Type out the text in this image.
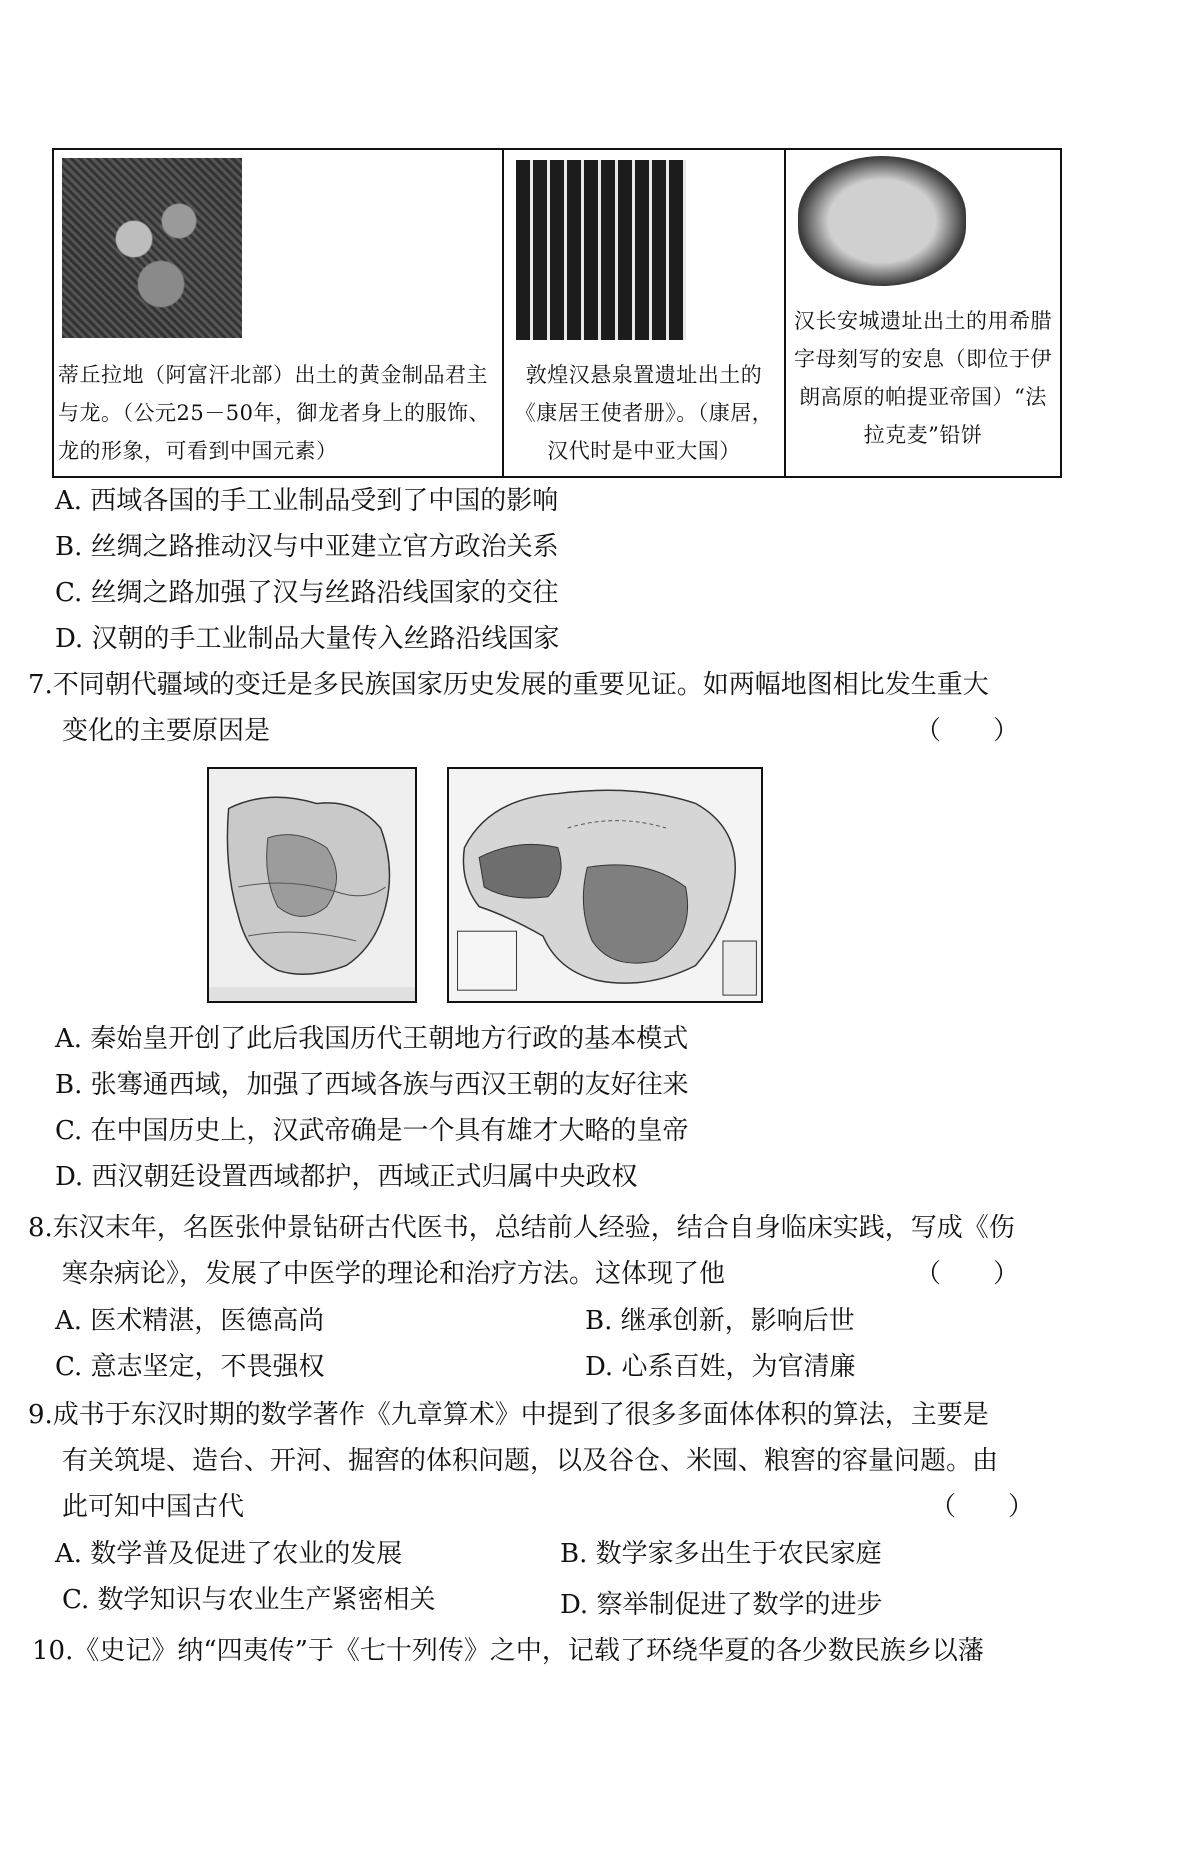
蒂丘拉地（阿富汗北部）出土的黄金制品君主与龙。（公元25－50年，御龙者身上的服饰、龙的形象，可看到中国元素）
敦煌汉悬泉置遗址出土的《康居王使者册》。（康居，汉代时是中亚大国）
汉长安城遗址出土的用希腊字母刻写的安息（即位于伊朗高原的帕提亚帝国）“法拉克麦”铅饼
A. 西域各国的手工业制品受到了中国的影响
B. 丝绸之路推动汉与中亚建立官方政治关系
C. 丝绸之路加强了汉与丝路沿线国家的交往
D. 汉朝的手工业制品大量传入丝路沿线国家
7.不同朝代疆域的变迁是多民族国家历史发展的重要见证。如两幅地图相比发生重大
变化的主要原因是	（　　）
A. 秦始皇开创了此后我国历代王朝地方行政的基本模式
B. 张骞通西域，加强了西域各族与西汉王朝的友好往来
C. 在中国历史上，汉武帝确是一个具有雄才大略的皇帝
D. 西汉朝廷设置西域都护，西域正式归属中央政权
8.东汉末年，名医张仲景钻研古代医书，总结前人经验，结合自身临床实践，写成《伤
寒杂病论》，发展了中医学的理论和治疗方法。这体现了他	（　　）
A. 医术精湛，医德高尚	B. 继承创新，影响后世
C. 意志坚定，不畏强权	D. 心系百姓，为官清廉
9.成书于东汉时期的数学著作《九章算术》中提到了很多多面体体积的算法，主要是
有关筑堤、造台、开河、掘窖的体积问题，以及谷仓、米囤、粮窖的容量问题。由
此可知中国古代	（　　）
A. 数学普及促进了农业的发展	B. 数学家多出生于农民家庭
C. 数学知识与农业生产紧密相关	D. 察举制促进了数学的进步
10.《史记》纳“四夷传”于《七十列传》之中，记载了环绕华夏的各少数民族乡以藩
